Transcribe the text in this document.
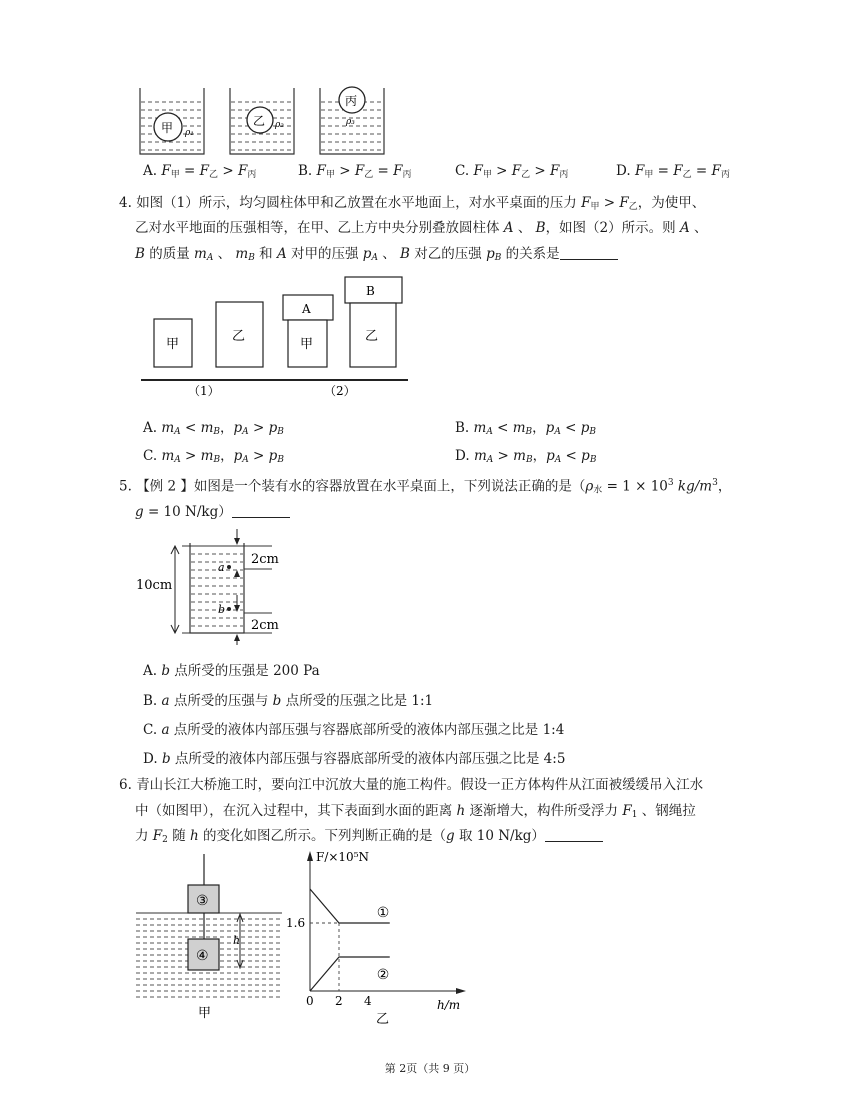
甲	乙
丙
ρ₁
ρ₂	ρ₃
A. $F_甲 = F_乙 > F_丙$	B. $F_甲 > F_乙 = F_丙$	C. $F_甲 > F_乙 > F_丙$	D. $F_甲 = F_乙 = F_丙$
4. 如图（1）所示，均匀圆柱体甲和乙放置在水平地面上，对水平桌面的压力 $F_甲 > F_乙$，为使甲、
乙对水平地面的压强相等，在甲、乙上方中央分别叠放圆柱体 A 、 B，如图（2）所示。则 A 、
B 的质量 $m_A$ 、 $m_B$ 和 A 对甲的压强 $p_A$ 、 B 对乙的压强 $p_B$ 的关系是
甲
乙
A
甲
B
乙
（1）	（2）
A. $m_A < m_B$，$p_A > p_B$	B. $m_A < m_B$，$p_A < p_B$
C. $m_A > m_B$，$p_A > p_B$	D. $m_A > m_B$，$p_A < p_B$
5. 【例 2 】如图是一个装有水的容器放置在水平桌面上，下列说法正确的是（$\rho_水 = 1 \times 10^3$ $kg/m^3$，
g = 10 N/kg）
10cm
2cm
2cm
a
b
A. b 点所受的压强是 200 Pa
B. a 点所受的压强与 b 点所受的压强之比是 1:1
C. a 点所受的液体内部压强与容器底部所受的液体内部压强之比是 1:4
D. b 点所受的液体内部压强与容器底部所受的液体内部压强之比是 4:5
6. 青山长江大桥施工时，要向江中沉放大量的施工构件。假设一正方体构件从江面被缓缓吊入江水
中（如图甲），在沉入过程中，其下表面到水面的距离 h 逐渐增大，构件所受浮力 $F_1$ 、钢绳拉
力 $F_2$ 随 h 的变化如图乙所示。下列判断正确的是（g 取 10 N/kg）
③
④
h
甲
F/×10⁵N
h/m
0 2 4
1.6
①
②
乙
第 2页（共 9 页）
